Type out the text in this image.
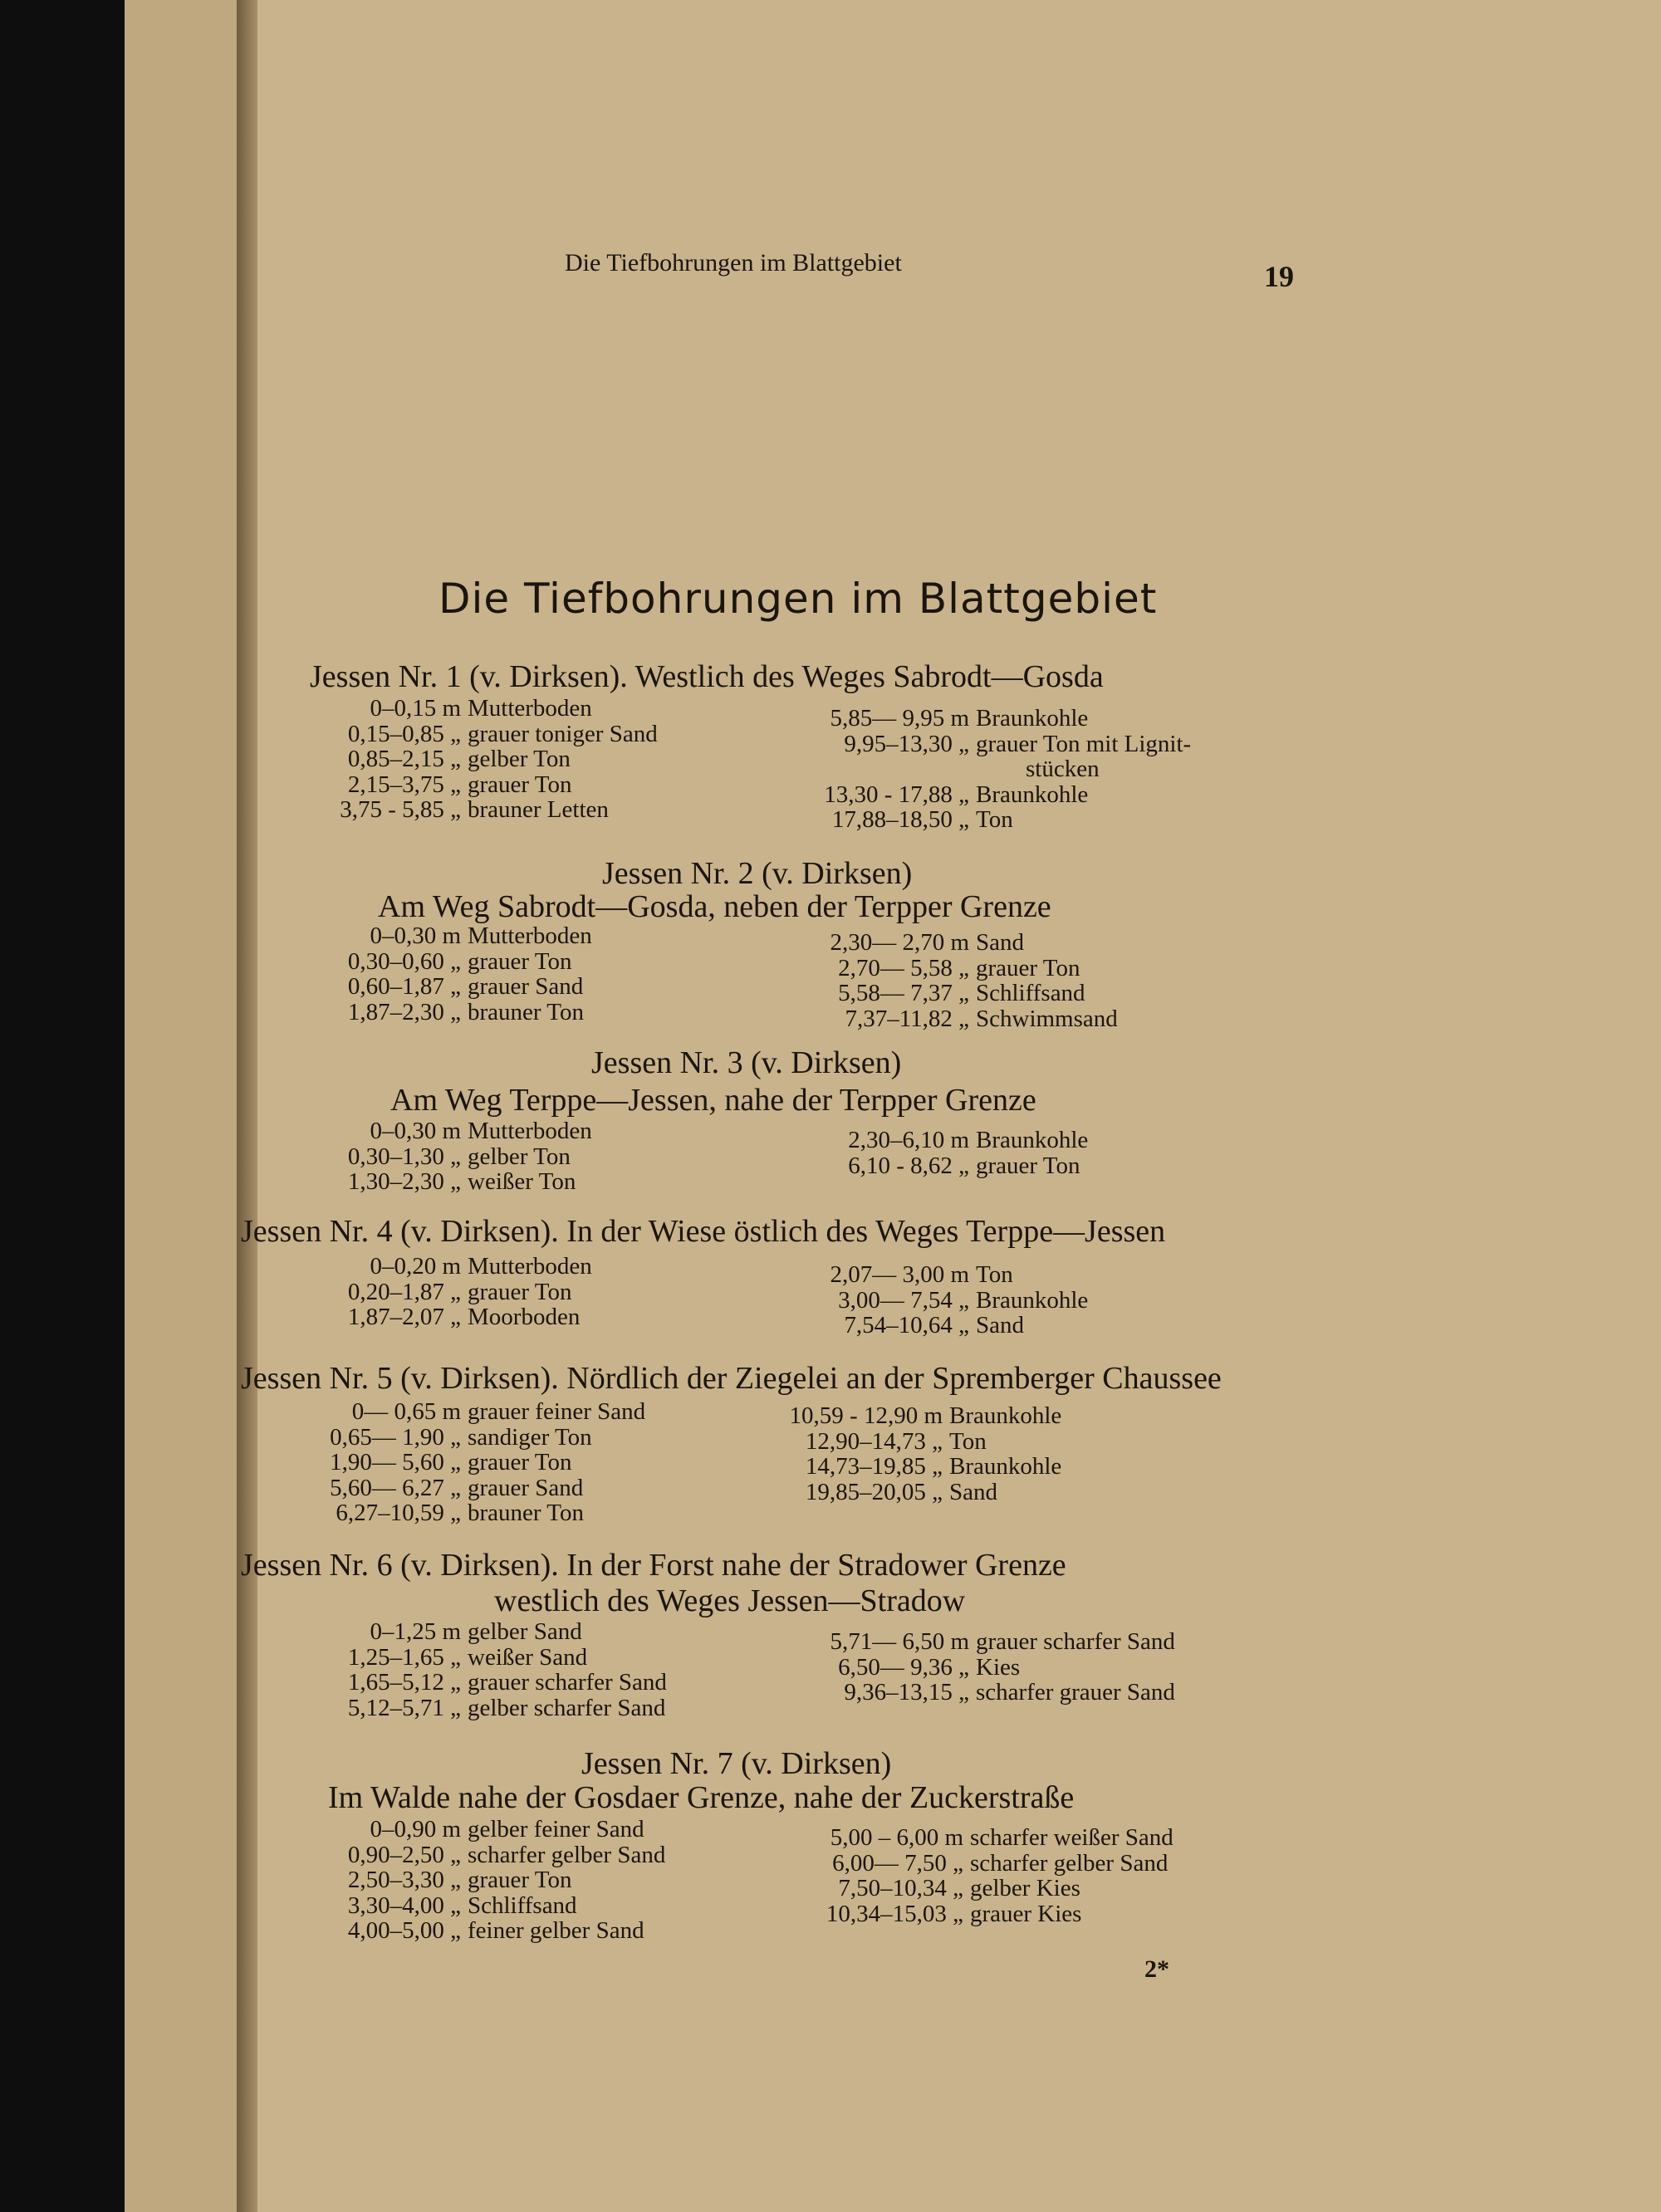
Die Tiefbohrungen im Blattgebiet	19
Die Tiefbohrungen im Blattgebiet
Jessen Nr. 1 (v. Dirksen). Westlich des Weges Sabrodt—Gosda
0–0,15 m Mutterboden
0,15–0,85 „ grauer toniger Sand
0,85–2,15 „ gelber Ton
2,15–3,75 „ grauer Ton
3,75 - 5,85 „ brauner Letten
5,85— 9,95 m Braunkohle
9,95–13,30 „ grauer Ton mit Lignit-
stücken
13,30 - 17,88 „ Braunkohle
17,88–18,50 „ Ton
Jessen Nr. 2 (v. Dirksen)
Am Weg Sabrodt—Gosda, neben der Terpper Grenze
0–0,30 m Mutterboden
0,30–0,60 „ grauer Ton
0,60–1,87 „ grauer Sand
1,87–2,30 „ brauner Ton
2,30— 2,70 m Sand
2,70— 5,58 „ grauer Ton
5,58— 7,37 „ Schliffsand
7,37–11,82 „ Schwimmsand
Jessen Nr. 3 (v. Dirksen)
Am Weg Terppe—Jessen, nahe der Terpper Grenze
0–0,30 m Mutterboden
0,30–1,30 „ gelber Ton
1,30–2,30 „ weißer Ton
2,30–6,10 m Braunkohle
6,10 - 8,62 „ grauer Ton
Jessen Nr. 4 (v. Dirksen). In der Wiese östlich des Weges Terppe—Jessen
0–0,20 m Mutterboden
0,20–1,87 „ grauer Ton
1,87–2,07 „ Moorboden
2,07— 3,00 m Ton
3,00— 7,54 „ Braunkohle
7,54–10,64 „ Sand
Jessen Nr. 5 (v. Dirksen). Nördlich der Ziegelei an der Spremberger Chaussee
0— 0,65 m grauer feiner Sand
0,65— 1,90 „ sandiger Ton
1,90— 5,60 „ grauer Ton
5,60— 6,27 „ grauer Sand
6,27–10,59 „ brauner Ton
10,59 - 12,90 m Braunkohle
12,90–14,73 „ Ton
14,73–19,85 „ Braunkohle
19,85–20,05 „ Sand
Jessen Nr. 6 (v. Dirksen). In der Forst nahe der Stradower Grenze
westlich des Weges Jessen—Stradow
0–1,25 m gelber Sand
1,25–1,65 „ weißer Sand
1,65–5,12 „ grauer scharfer Sand
5,12–5,71 „ gelber scharfer Sand
5,71— 6,50 m grauer scharfer Sand
6,50— 9,36 „ Kies
9,36–13,15 „ scharfer grauer Sand
Jessen Nr. 7 (v. Dirksen)
Im Walde nahe der Gosdaer Grenze, nahe der Zuckerstraße
0–0,90 m gelber feiner Sand
0,90–2,50 „ scharfer gelber Sand
2,50–3,30 „ grauer Ton
3,30–4,00 „ Schliffsand
4,00–5,00 „ feiner gelber Sand
5,00 – 6,00 m scharfer weißer Sand
6,00— 7,50 „ scharfer gelber Sand
7,50–10,34 „ gelber Kies
10,34–15,03 „ grauer Kies
2*
